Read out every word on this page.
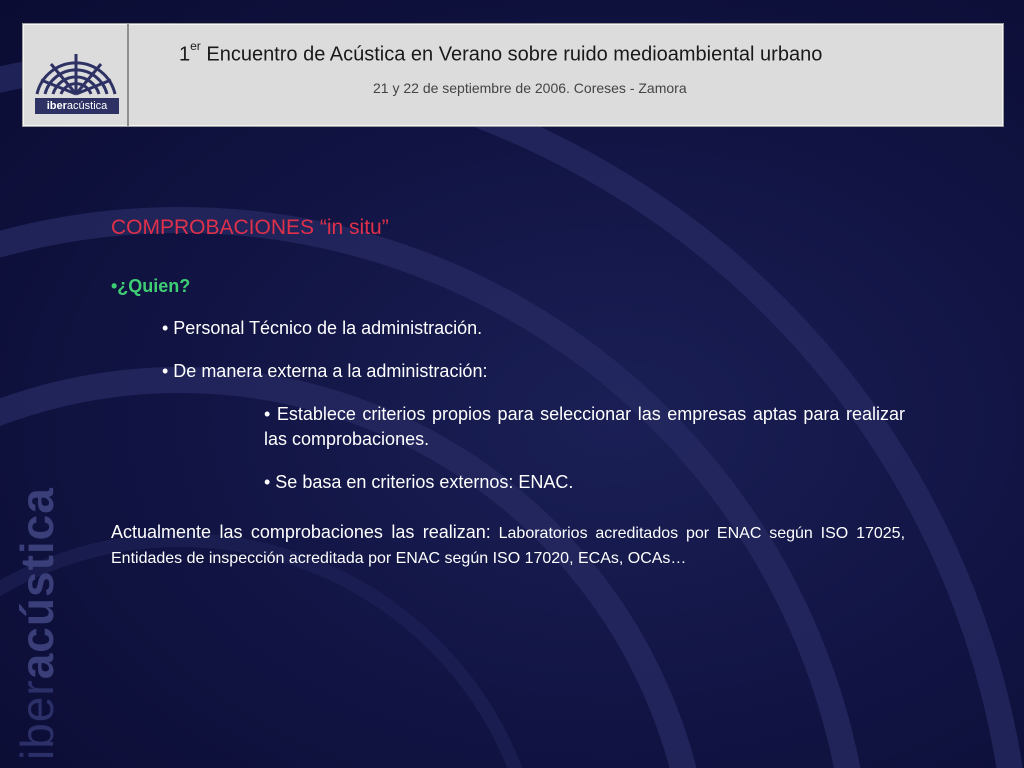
iberacústica
iberacústica
1er Encuentro de Acústica en Verano sobre ruido medioambiental urbano
21 y 22 de septiembre de 2006. Coreses - Zamora
COMPROBACIONES “in situ”
•¿Quien?
• Personal Técnico de la administración.
• De manera externa a la administración:
• Establece criterios propios para seleccionar las empresas aptas para realizar las comprobaciones.
• Se basa en criterios externos: ENAC.
Actualmente las comprobaciones las realizan: Laboratorios acreditados por ENAC según ISO 17025, Entidades de inspección acreditada por ENAC según ISO 17020, ECAs, OCAs…
